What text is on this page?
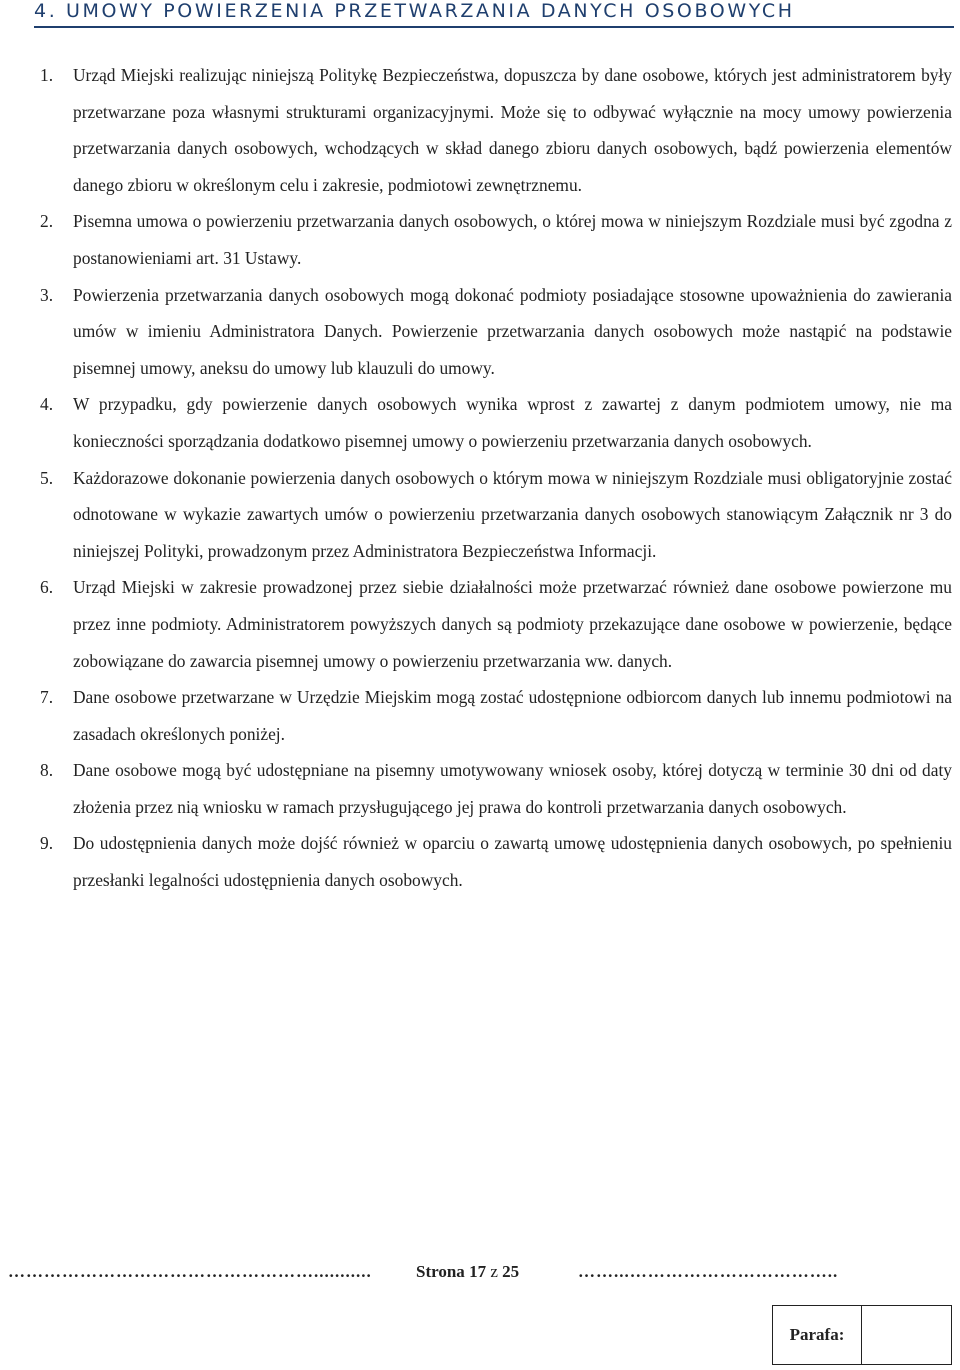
4. UMOWY POWIERZENIA PRZETWARZANIA DANYCH OSOBOWYCH
1. Urząd Miejski realizując niniejszą Politykę Bezpieczeństwa, dopuszcza by dane osobowe, których jest administratorem były przetwarzane poza własnymi strukturami organizacyjnymi. Może się to odbywać wyłącznie na mocy umowy powierzenia przetwarzania danych osobowych, wchodzących w skład danego zbioru danych osobowych, bądź powierzenia elementów danego zbioru w określonym celu i zakresie, podmiotowi zewnętrznemu.

2. Pisemna umowa o powierzeniu przetwarzania danych osobowych, o której mowa w niniejszym Rozdziale musi być zgodna z postanowieniami art. 31 Ustawy.

3. Powierzenia przetwarzania danych osobowych mogą dokonać podmioty posiadające stosowne upoważnienia do zawierania umów w imieniu Administratora Danych. Powierzenie przetwarzania danych osobowych może nastąpić na podstawie pisemnej umowy, aneksu do umowy lub klauzuli do umowy.

4. W przypadku, gdy powierzenie danych osobowych wynika wprost z zawartej z danym podmiotem umowy, nie ma konieczności sporządzania dodatkowo pisemnej umowy o powierzeniu przetwarzania danych osobowych.

5. Każdorazowe dokonanie powierzenia danych osobowych o którym mowa w niniejszym Rozdziale musi obligatoryjnie zostać odnotowane w wykazie zawartych umów o powierzeniu przetwarzania danych osobowych stanowiącym Załącznik nr 3 do niniejszej Polityki, prowadzonym przez Administratora Bezpieczeństwa Informacji.

6. Urząd Miejski w zakresie prowadzonej przez siebie działalności może przetwarzać również dane osobowe powierzone mu przez inne podmioty. Administratorem powyższych danych są podmioty przekazujące dane osobowe w powierzenie, będące zobowiązane do zawarcia pisemnej umowy o powierzeniu przetwarzania ww. danych.

7. Dane osobowe przetwarzane w Urzędzie Miejskim mogą zostać udostępnione odbiorcom danych lub innemu podmiotowi na zasadach określonych poniżej.

8. Dane osobowe mogą być udostępniane na pisemny umotywowany wniosek osoby, której dotyczą w terminie 30 dni od daty złożenia przez nią wniosku w ramach przysługującego jej prawa do kontroli przetwarzania danych osobowych.

9. Do udostępnienia danych może dojść również w oparciu o zawartą umowę udostępnienia danych osobowych, po spełnieniu przesłanki legalności udostępnienia danych osobowych.

……………………………………………...........	Strona 17 z 25	……...……………………………..
Parafa:
